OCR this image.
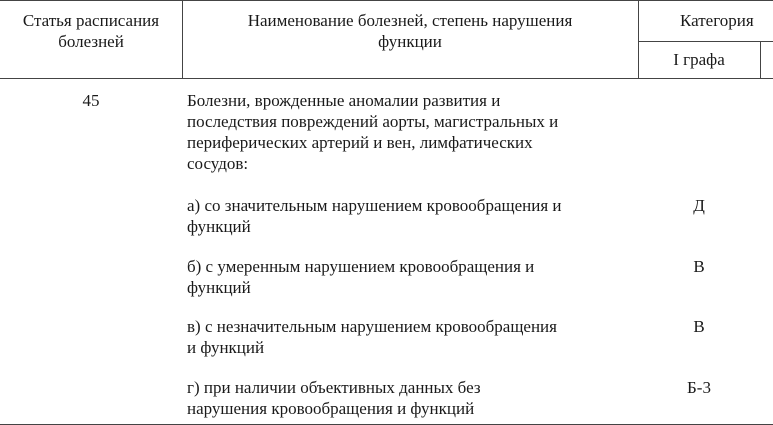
Статья расписания
болезней
Наименование болезней, степень нарушения
функции
Категория
I графа
45	Болезни, врожденные аномалии развития и
последствия повреждений аорты, магистральных и
периферических артерий и вен, лимфатических
сосудов:
а) со значительным нарушением кровообращения и
функций
Д
б) с умеренным нарушением кровообращения и
функций
В
в) с незначительным нарушением кровообращения
и функций
В
г) при наличии объективных данных без
нарушения кровообращения и функций
Б-3
